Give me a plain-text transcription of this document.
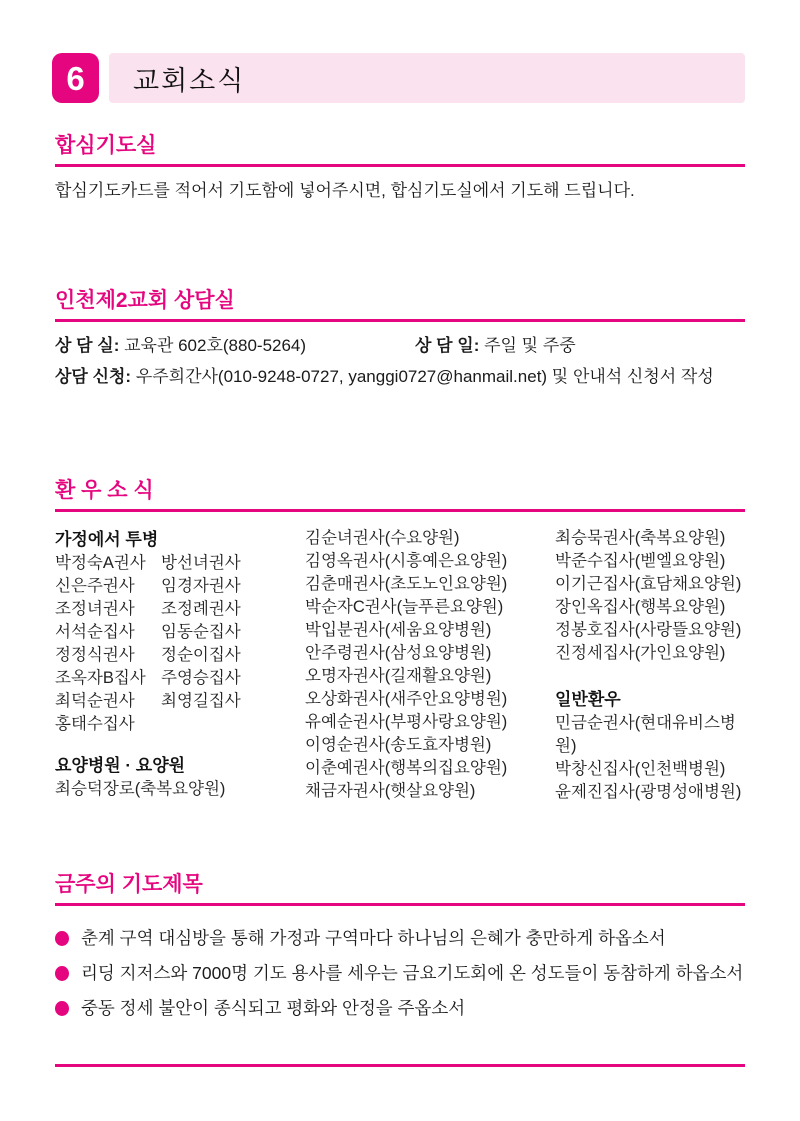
6 교회소식
합심기도실

합심기도카드를 적어서 기도함에 넣어주시면, 합심기도실에서 기도해 드립니다.

인천제2교회 상담실
상 담 실: 교육관 602호(880-5264)	상 담 일: 주일 및 주중
상담 신청: 우주희간사(010-9248-0727, yanggi0727@hanmail.net) 및 안내석 신청서 작성
환 우 소 식
가정에서 투병
박정숙A권사
신은주권사
조정녀권사
서석순집사
정정식권사
조옥자B집사
최덕순권사
홍태수집사
방선녀권사
임경자권사
조정례권사
임동순집사
정순이집사
주영승집사
최영길집사
요양병원 · 요양원
최승덕장로(축복요양원)
김순녀권사(수요양원)
김영옥권사(시흥예은요양원)
김춘매권사(초도노인요양원)
박순자C권사(늘푸른요양원)
박입분권사(세움요양병원)
안주령권사(삼성요양병원)
오명자권사(길재활요양원)
오상화권사(새주안요양병원)
유예순권사(부평사랑요양원)
이영순권사(송도효자병원)
이춘예권사(행복의집요양원)
채금자권사(햇살요양원)
최승묵권사(축복요양원)
박준수집사(벧엘요양원)
이기근집사(효담채요양원)
장인옥집사(행복요양원)
정봉호집사(사랑뜰요양원)
진정세집사(가인요양원)
일반환우
민금순권사(현대유비스병원)
박창신집사(인천백병원)
윤제진집사(광명성애병원)
금주의 기도제목
춘계 구역 대심방을 통해 가정과 구역마다 하나님의 은혜가 충만하게 하옵소서
리딩 지저스와 7000명 기도 용사를 세우는 금요기도회에 온 성도들이 동참하게 하옵소서
중동 정세 불안이 종식되고 평화와 안정을 주옵소서
